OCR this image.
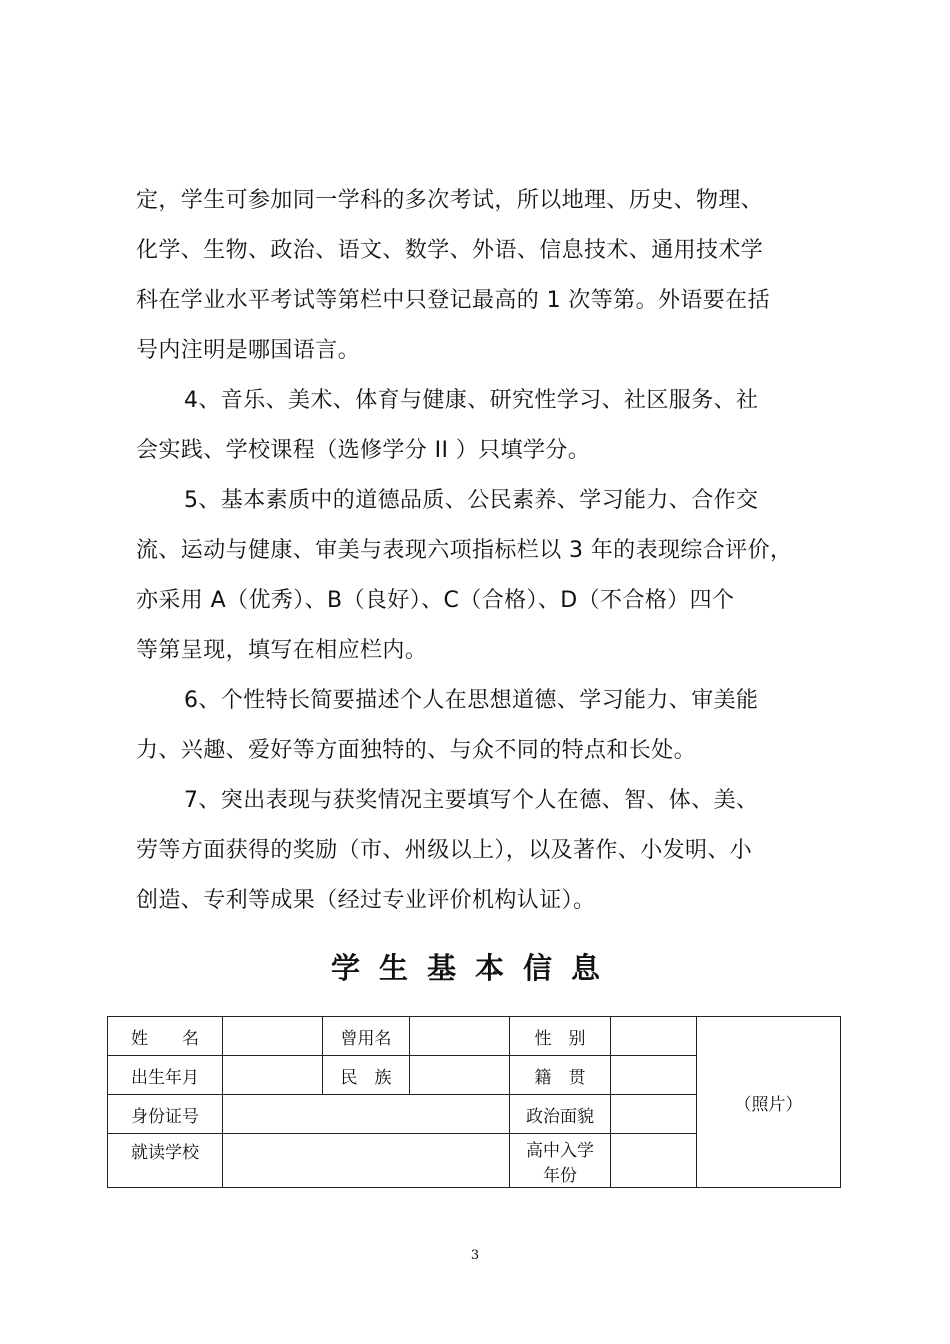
定，学生可参加同一学科的多次考试，所以地理、历史、物理、
化学、生物、政治、语文、数学、外语、信息技术、通用技术学
科在学业水平考试等第栏中只登记最高的 1 次等第。外语要在括
号内注明是哪国语言。
4、音乐、美术、体育与健康、研究性学习、社区服务、社
会实践、学校课程（选修学分 II ）只填学分。
5、基本素质中的道德品质、公民素养、学习能力、合作交
流、运动与健康、审美与表现六项指标栏以 3 年的表现综合评价，
亦采用 A（优秀）、B（良好）、C（合格）、D（不合格）四个
等第呈现，填写在相应栏内。
6、个性特长简要描述个人在思想道德、学习能力、审美能
力、兴趣、爱好等方面独特的、与众不同的特点和长处。
7、突出表现与获奖情况主要填写个人在德、智、体、美、
劳等方面获得的奖励（市、州级以上），以及著作、小发明、小
创造、专利等成果（经过专业评价机构认证）。
学生基本信息
姓　　名		曾用名		性　别		（照片）
出生年月		民　族		籍　贯		
身份证号				政治面貌		
就读学校				高中入学
年份		

3
